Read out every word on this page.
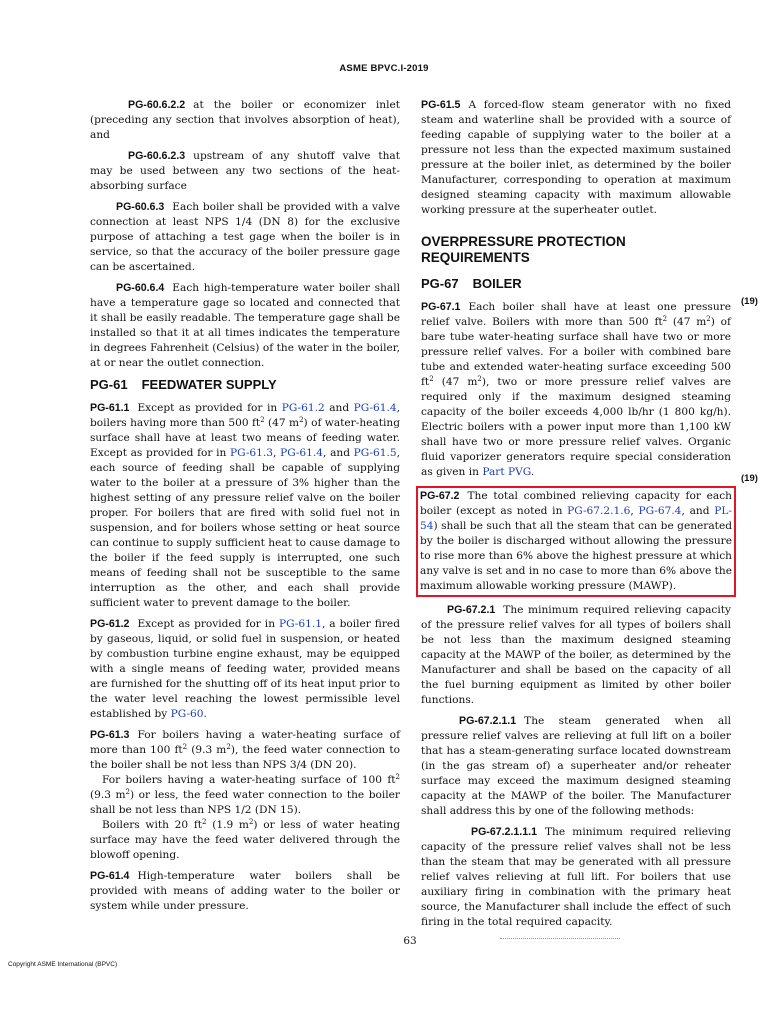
ASME BPVC.I-2019

PG-60.6.2.2 at the boiler or economizer inlet (preceding any section that involves absorption of heat), and

PG-60.6.2.3 upstream of any shutoff valve that may be used between any two sections of the heat-absorbing surface

PG-60.6.3 Each boiler shall be provided with a valve connection at least NPS 1/4 (DN 8) for the exclusive purpose of attaching a test gage when the boiler is in service, so that the accuracy of the boiler pressure gage can be ascertained.

PG-60.6.4 Each high-temperature water boiler shall have a temperature gage so located and connected that it shall be easily readable. The temperature gage shall be installed so that it at all times indicates the temperature in degrees Fahrenheit (Celsius) of the water in the boiler, at or near the outlet connection.

PG-61 FEEDWATER SUPPLY

PG-61.1 Except as provided for in PG-61.2 and PG-61.4, boilers having more than 500 $ft^2$ (47 $m^2$) of water-heating surface shall have at least two means of feeding water. Except as provided for in PG-61.3, PG-61.4, and PG-61.5, each source of feeding shall be capable of supplying water to the boiler at a pressure of 3% higher than the highest setting of any pressure relief valve on the boiler proper. For boilers that are fired with solid fuel not in suspension, and for boilers whose setting or heat source can continue to supply sufficient heat to cause damage to the boiler if the feed supply is interrupted, one such means of feeding shall not be susceptible to the same interruption as the other, and each shall provide sufficient water to prevent damage to the boiler.

PG-61.2 Except as provided for in PG-61.1, a boiler fired by gaseous, liquid, or solid fuel in suspension, or heated by combustion turbine engine exhaust, may be equipped with a single means of feeding water, provided means are furnished for the shutting off of its heat input prior to the water level reaching the lowest permissible level established by PG-60.

PG-61.3 For boilers having a water-heating surface of more than 100 $ft^2$ (9.3 $m^2$), the feed water connection to the boiler shall be not less than NPS 3/4 (DN 20).

For boilers having a water-heating surface of 100 $ft^2$ (9.3 $m^2$) or less, the feed water connection to the boiler shall be not less than NPS 1/2 (DN 15).

Boilers with 20 $ft^2$ (1.9 $m^2$) or less of water heating surface may have the feed water delivered through the blowoff opening.

PG-61.4 High-temperature water boilers shall be provided with means of adding water to the boiler or system while under pressure.

PG-61.5 A forced-flow steam generator with no fixed steam and waterline shall be provided with a source of feeding capable of supplying water to the boiler at a pressure not less than the expected maximum sustained pressure at the boiler inlet, as determined by the boiler Manufacturer, corresponding to operation at maximum designed steaming capacity with maximum allowable working pressure at the superheater outlet.

OVERPRESSURE PROTECTION REQUIREMENTS
PG-67 BOILER

PG-67.1 Each boiler shall have at least one pressure relief valve. Boilers with more than 500 $ft^2$ (47 $m^2$) of bare tube water-heating surface shall have two or more pressure relief valves. For a boiler with combined bare tube and extended water-heating surface exceeding 500 $ft^2$ (47 $m^2$), two or more pressure relief valves are required only if the maximum designed steaming capacity of the boiler exceeds 4,000 lb/hr (1 800 kg/h). Electric boilers with a power input more than 1,100 kW shall have two or more pressure relief valves. Organic fluid vaporizer generators require special consideration as given in Part PVG.

PG-67.2 The total combined relieving capacity for each boiler (except as noted in PG-67.2.1.6, PG-67.4, and PL-54) shall be such that all the steam that can be generated by the boiler is discharged without allowing the pressure to rise more than 6% above the highest pressure at which any valve is set and in no case to more than 6% above the maximum allowable working pressure (MAWP).

PG-67.2.1 The minimum required relieving capacity of the pressure relief valves for all types of boilers shall be not less than the maximum designed steaming capacity at the MAWP of the boiler, as determined by the Manufacturer and shall be based on the capacity of all the fuel burning equipment as limited by other boiler functions.

PG-67.2.1.1 The steam generated when all pressure relief valves are relieving at full lift on a boiler that has a steam-generating surface located downstream (in the gas stream of) a superheater and/or reheater surface may exceed the maximum designed steaming capacity at the MAWP of the boiler. The Manufacturer shall address this by one of the following methods:

PG-67.2.1.1.1 The minimum required relieving capacity of the pressure relief valves shall not be less than the steam that may be generated with all pressure relief valves relieving at full lift. For boilers that use auxiliary firing in combination with the primary heat source, the Manufacturer shall include the effect of such firing in the total required capacity.

(19)
(19)
63
Copyright ASME International (BPVC)
